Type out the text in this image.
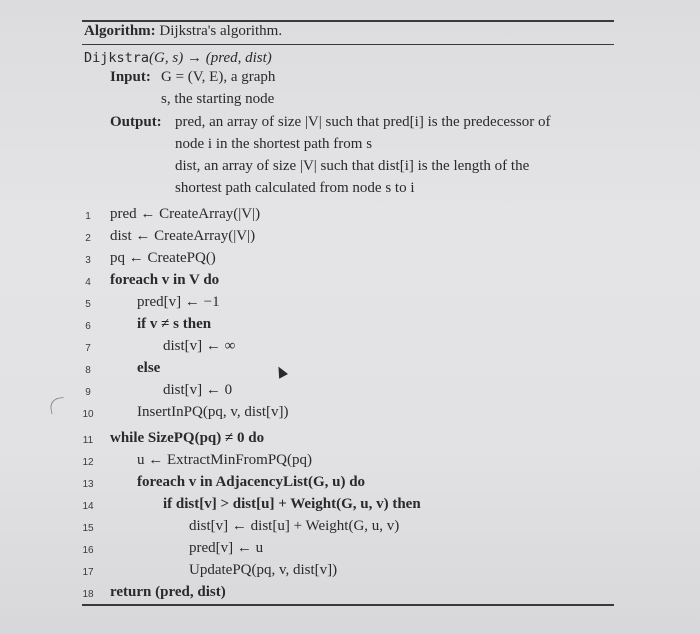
Algorithm: Dijkstra's algorithm.
Dijkstra(G, s) → (pred, dist)
Input: G = (V, E), a graph
s, the starting node
Output: pred, an array of size |V| such that pred[i] is the predecessor of
node i in the shortest path from s
dist, an array of size |V| such that dist[i] is the length of the
shortest path calculated from node s to i
1	pred ← CreateArray(|V|)
2	dist ← CreateArray(|V|)
3	pq ← CreatePQ()
4	foreach v in V do
5	pred[v] ← −1
6	if v ≠ s then
7	dist[v] ← ∞
8	else
9	dist[v] ← 0
10	InsertInPQ(pq, v, dist[v])
11 while SizePQ(pq) ≠ 0 do
12	u ← ExtractMinFromPQ(pq)
13	foreach v in AdjacencyList(G, u) do
14	if dist[v] > dist[u] + Weight(G, u, v) then
15	dist[v] ← dist[u] + Weight(G, u, v)
16	pred[v] ← u
17	UpdatePQ(pq, v, dist[v])
18 return (pred, dist)
